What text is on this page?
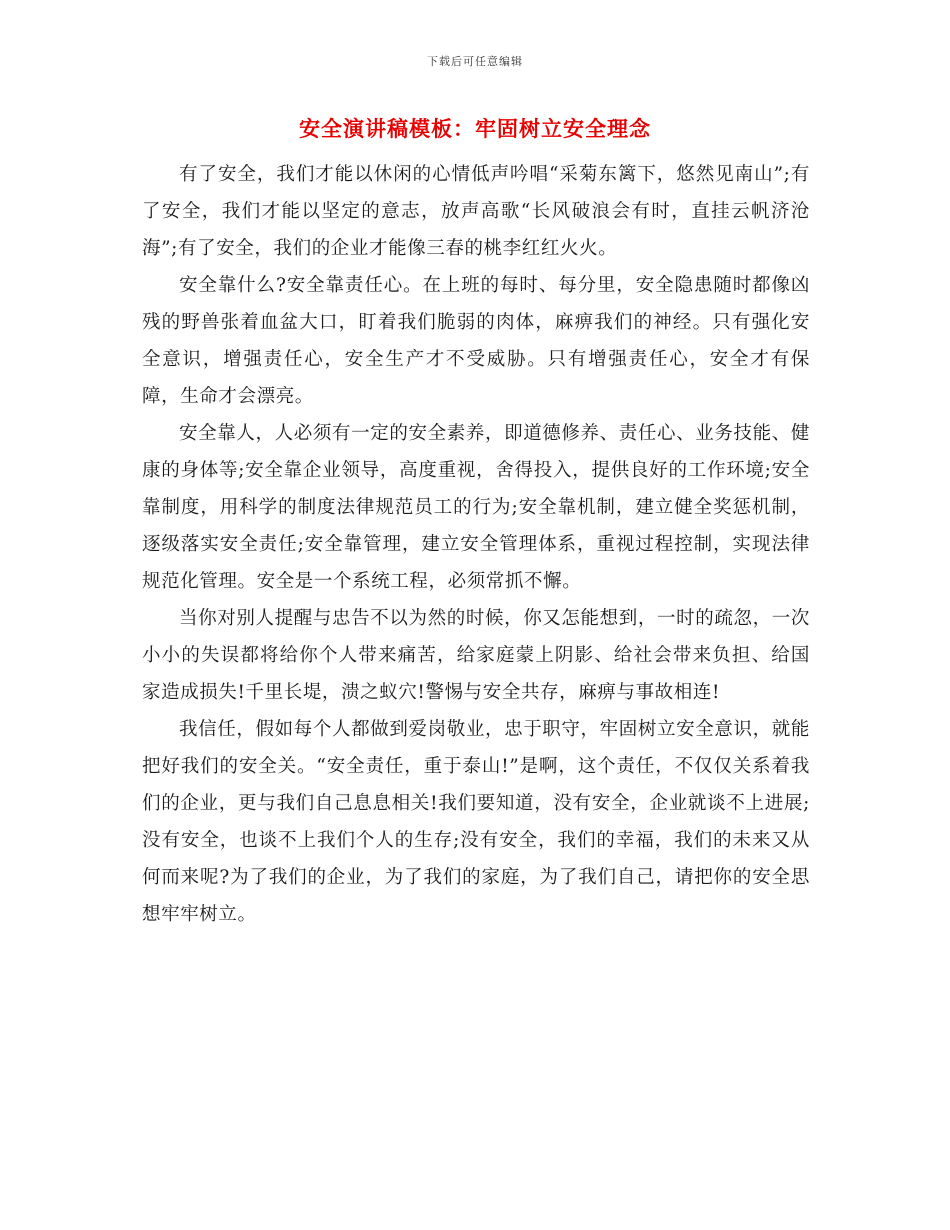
下载后可任意编辑
安全演讲稿模板：牢固树立安全理念

有了安全，我们才能以休闲的心情低声吟唱“采菊东篱下，悠然见南山”;有了安全，我们才能以坚定的意志，放声高歌“长风破浪会有时，直挂云帆济沧海”;有了安全，我们的企业才能像三春的桃李红红火火。

安全靠什么?安全靠责任心。在上班的每时、每分里，安全隐患随时都像凶残的野兽张着血盆大口，盯着我们脆弱的肉体，麻痹我们的神经。只有强化安全意识，增强责任心，安全生产才不受威胁。只有增强责任心，安全才有保障，生命才会漂亮。

安全靠人，人必须有一定的安全素养，即道德修养、责任心、业务技能、健康的身体等;安全靠企业领导，高度重视，舍得投入，提供良好的工作环境;安全靠制度，用科学的制度法律规范员工的行为;安全靠机制，建立健全奖惩机制，逐级落实安全责任;安全靠管理，建立安全管理体系，重视过程控制，实现法律规范化管理。安全是一个系统工程，必须常抓不懈。

当你对别人提醒与忠告不以为然的时候，你又怎能想到，一时的疏忽，一次小小的失误都将给你个人带来痛苦，给家庭蒙上阴影、给社会带来负担、给国家造成损失!千里长堤，溃之蚁穴!警惕与安全共存，麻痹与事故相连!

我信任，假如每个人都做到爱岗敬业，忠于职守，牢固树立安全意识，就能把好我们的安全关。“安全责任，重于泰山!”是啊，这个责任，不仅仅关系着我们的企业，更与我们自己息息相关!我们要知道，没有安全，企业就谈不上进展;没有安全，也谈不上我们个人的生存;没有安全，我们的幸福，我们的未来又从何而来呢?为了我们的企业，为了我们的家庭，为了我们自己，请把你的安全思想牢牢树立。
